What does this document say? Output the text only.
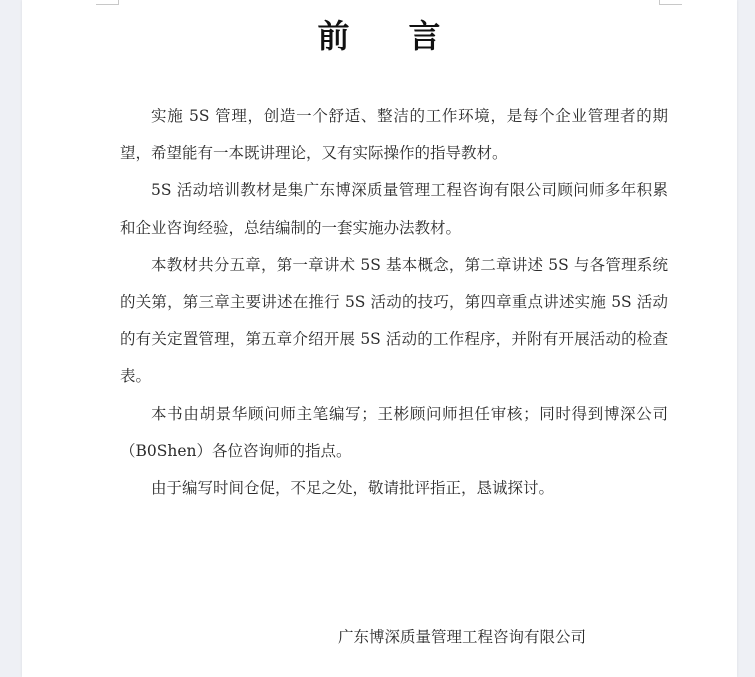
前 言

实施 5S 管理，创造一个舒适、整洁的工作环境，是每个企业管理者的期望，希望能有一本既讲理论，又有实际操作的指导教材。

5S 活动培训教材是集广东博深质量管理工程咨询有限公司顾问师多年积累和企业咨询经验，总结编制的一套实施办法教材。

本教材共分五章，第一章讲术 5S 基本概念，第二章讲述 5S 与各管理系统的关第，第三章主要讲述在推行 5S 活动的技巧，第四章重点讲述实施 5S 活动的有关定置管理，第五章介绍开展 5S 活动的工作程序，并附有开展活动的检查表。

本书由胡景华顾问师主笔编写；王彬顾问师担任审核；同时得到博深公司（B0Shen）各位咨询师的指点。

由于编写时间仓促，不足之处，敬请批评指正，恳诚探讨。

广东博深质量管理工程咨询有限公司
